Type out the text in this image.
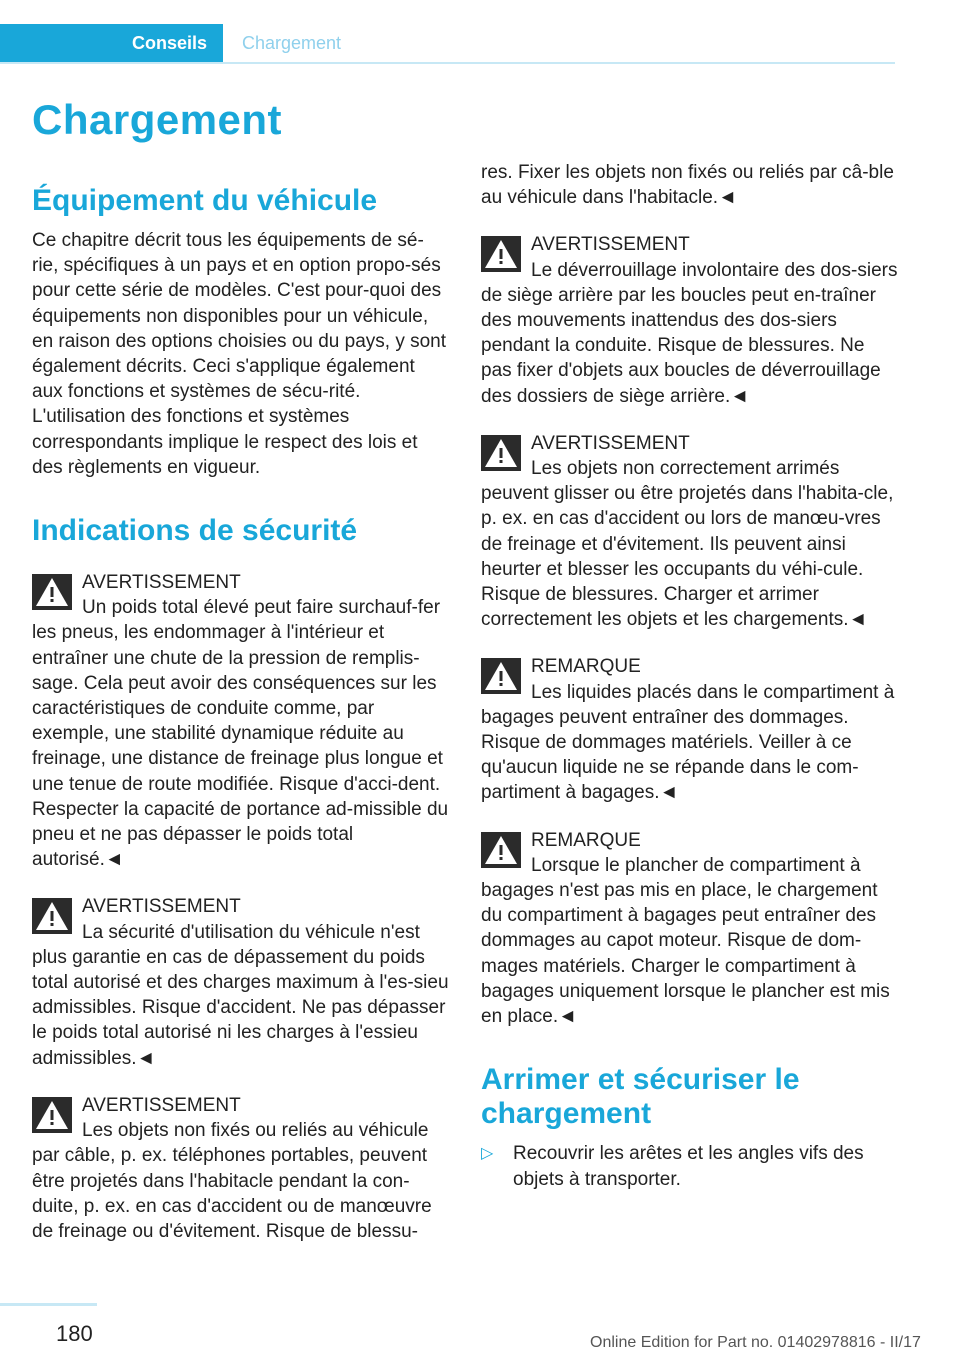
Conseils	Chargement
Chargement
Équipement du véhicule

Ce chapitre décrit tous les équipements de sé-rie, spécifiques à un pays et en option propo-sés pour cette série de modèles. C'est pour-quoi des équipements non disponibles pour un véhicule, en raison des options choisies ou du pays, y sont également décrits. Ceci s'applique également aux fonctions et systèmes de sécu-rité. L'utilisation des fonctions et systèmes correspondants implique le respect des lois et des règlements en vigueur.

Indications de sécurité
AVERTISSEMENT
Un poids total élevé peut faire surchauf-fer les pneus, les endommager à l'intérieur et entraîner une chute de la pression de remplis-sage. Cela peut avoir des conséquences sur les caractéristiques de conduite comme, par exemple, une stabilité dynamique réduite au freinage, une distance de freinage plus longue et une tenue de route modifiée. Risque d'acci-dent. Respecter la capacité de portance ad-missible du pneu et ne pas dépasser le poids total autorisé.◄
AVERTISSEMENT
La sécurité d'utilisation du véhicule n'est plus garantie en cas de dépassement du poids total autorisé et des charges maximum à l'es-sieu admissibles. Risque d'accident. Ne pas dépasser le poids total autorisé ni les charges à l'essieu admissibles.◄
AVERTISSEMENT
Les objets non fixés ou reliés au véhicule par câble, p. ex. téléphones portables, peuvent être projetés dans l'habitacle pendant la con-duite, p. ex. en cas d'accident ou de manœuvre de freinage ou d'évitement. Risque de blessu-

res. Fixer les objets non fixés ou reliés par câ-ble au véhicule dans l'habitacle.◄

AVERTISSEMENT
Le déverrouillage involontaire des dos-siers de siège arrière par les boucles peut en-traîner des mouvements inattendus des dos-siers pendant la conduite. Risque de blessures. Ne pas fixer d'objets aux boucles de déverrouillage des dossiers de siège arrière.◄
AVERTISSEMENT
Les objets non correctement arrimés peuvent glisser ou être projetés dans l'habita-cle, p. ex. en cas d'accident ou lors de manœu-vres de freinage et d'évitement. Ils peuvent ainsi heurter et blesser les occupants du véhi-cule. Risque de blessures. Charger et arrimer correctement les objets et les chargements.◄
REMARQUE
Les liquides placés dans le compartiment à bagages peuvent entraîner des dommages. Risque de dommages matériels. Veiller à ce qu'aucun liquide ne se répande dans le com-partiment à bagages.◄
REMARQUE
Lorsque le plancher de compartiment à bagages n'est pas mis en place, le chargement du compartiment à bagages peut entraîner des dommages au capot moteur. Risque de dom-mages matériels. Charger le compartiment à bagages uniquement lorsque le plancher est mis en place.◄
Arrimer et sécuriser le chargement
▷ Recouvrir les arêtes et les angles vifs des objets à transporter.
180	Online Edition for Part no. 01402978816 - II/17
